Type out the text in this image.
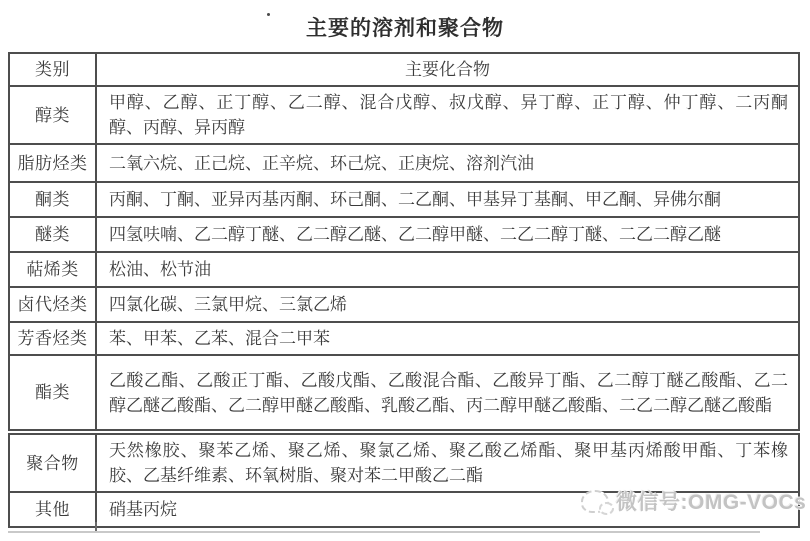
主要的溶剂和聚合物
类别	主要化合物
醇类	甲醇、乙醇、正丁醇、乙二醇、混合戊醇、叔戊醇、异丁醇、正丁醇、仲丁醇、二丙酮醇、丙醇、异丙醇
脂肪烃类	二氧六烷、正己烷、正辛烷、环己烷、正庚烷、溶剂汽油
酮类	丙酮、丁酮、亚异丙基丙酮、环己酮、二乙酮、甲基异丁基酮、甲乙酮、异佛尔酮
醚类	四氢呋喃、乙二醇丁醚、乙二醇乙醚、乙二醇甲醚、二乙二醇丁醚、二乙二醇乙醚
萜烯类	松油、松节油
卤代烃类	四氯化碳、三氯甲烷、三氯乙烯
芳香烃类	苯、甲苯、乙苯、混合二甲苯
酯类	乙酸乙酯、乙酸正丁酯、乙酸戊酯、乙酸混合酯、乙酸异丁酯、乙二醇丁醚乙酸酯、乙二醇乙醚乙酸酯、乙二醇甲醚乙酸酯、乳酸乙酯、丙二醇甲醚乙酸酯、二乙二醇乙醚乙酸酯
聚合物	天然橡胶、聚苯乙烯、聚乙烯、聚氯乙烯、聚乙酸乙烯酯、聚甲基丙烯酸甲酯、丁苯橡胶、乙基纤维素、环氧树脂、聚对苯二甲酸乙二酯
其他	硝基丙烷	微信号:OMG-VOCs
